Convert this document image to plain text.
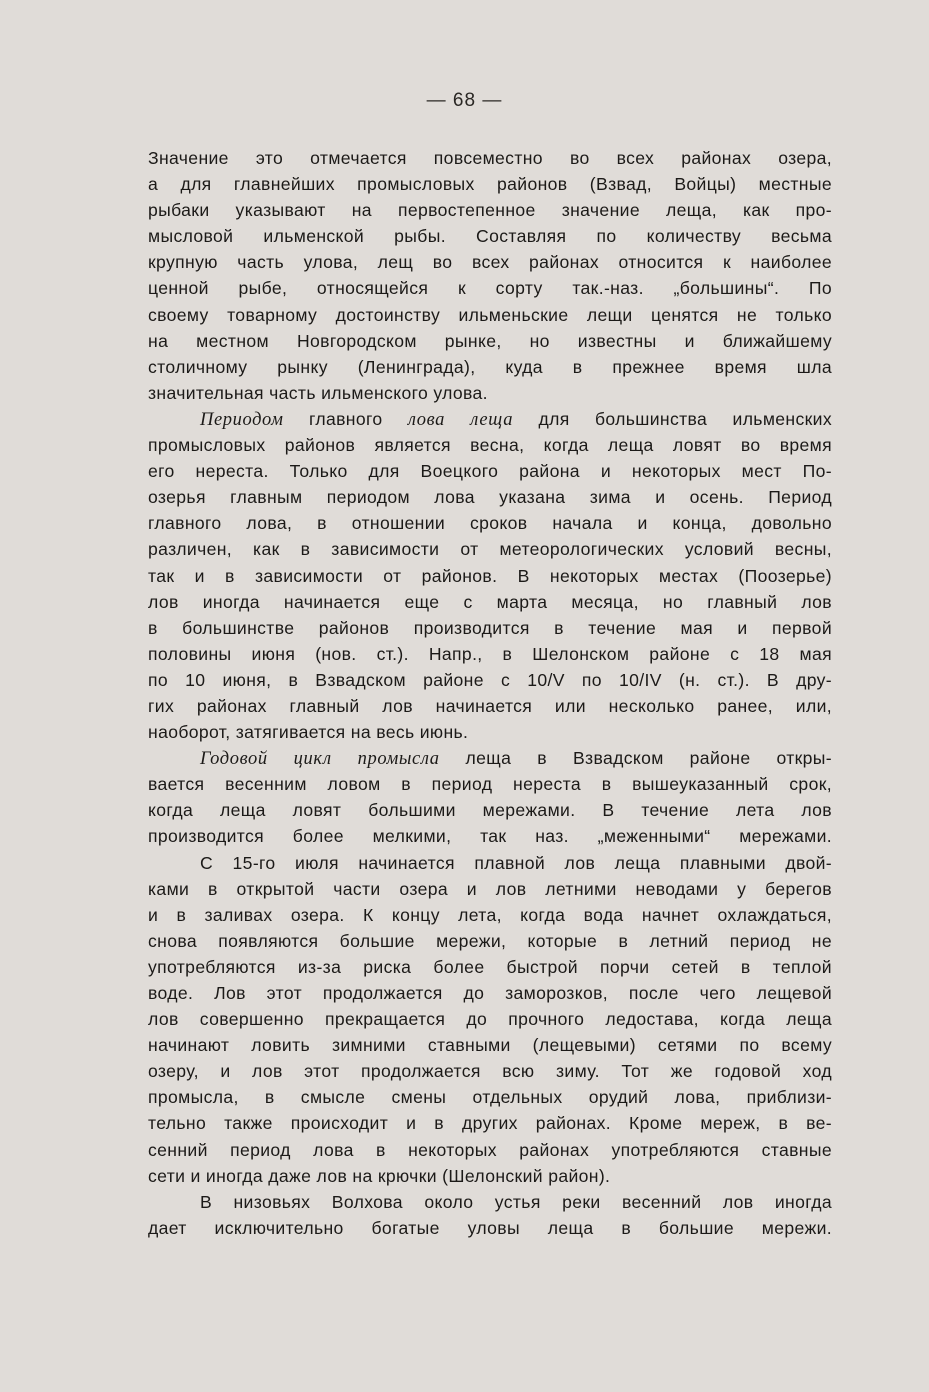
— 68 —
Значение это отмечается повсеместно во всех районах озера,
а для главнейших промысловых районов (Взвад, Войцы) местные
рыбаки указывают на первостепенное значение леща, как про-
мысловой ильменской рыбы. Составляя по количеству весьма
крупную часть улова, лещ во всех районах относится к наиболее
ценной рыбе, относящейся к сорту так.-наз. „большины“. По
своему товарному достоинству ильменьские лещи ценятся не только
на местном Новгородском рынке, но известны и ближайшему
столичному рынку (Ленинграда), куда в прежнее время шла
значительная часть ильменского улова.
Периодом главного лова леща для большинства ильменских
промысловых районов является весна, когда леща ловят во время
его нереста. Только для Воецкого района и некоторых мест По-
озерья главным периодом лова указана зима и осень. Период
главного лова, в отношении сроков начала и конца, довольно
различен, как в зависимости от метеорологических условий весны,
так и в зависимости от районов. В некоторых местах (Поозерье)
лов иногда начинается еще с марта месяца, но главный лов
в большинстве районов производится в течение мая и первой
половины июня (нов. ст.). Напр., в Шелонском районе с 18 мая
по 10 июня, в Взвадском районе с 10/V по 10/IV (н. ст.). В дру-
гих районах главный лов начинается или несколько ранее, или,
наоборот, затягивается на весь июнь.
Годовой цикл промысла леща в Взвадском районе откры-
вается весенним ловом в период нереста в вышеуказанный срок,
когда леща ловят большими мережами. В течение лета лов
производится более мелкими, так наз. „меженными“ мережами.
С 15-го июля начинается плавной лов леща плавными двой-
ками в открытой части озера и лов летними неводами у берегов
и в заливах озера. К концу лета, когда вода начнет охлаждаться,
снова появляются большие мережи, которые в летний период не
употребляются из-за риска более быстрой порчи сетей в теплой
воде. Лов этот продолжается до заморозков, после чего лещевой
лов совершенно прекращается до прочного ледостава, когда леща
начинают ловить зимними ставными (лещевыми) сетями по всему
озеру, и лов этот продолжается всю зиму. Тот же годовой ход
промысла, в смысле смены отдельных орудий лова, приблизи-
тельно также происходит и в других районах. Кроме мереж, в ве-
сенний период лова в некоторых районах употребляются ставные
сети и иногда даже лов на крючки (Шелонский район).
В низовьях Волхова около устья реки весенний лов иногда
дает исключительно богатые уловы леща в большие мережи.
